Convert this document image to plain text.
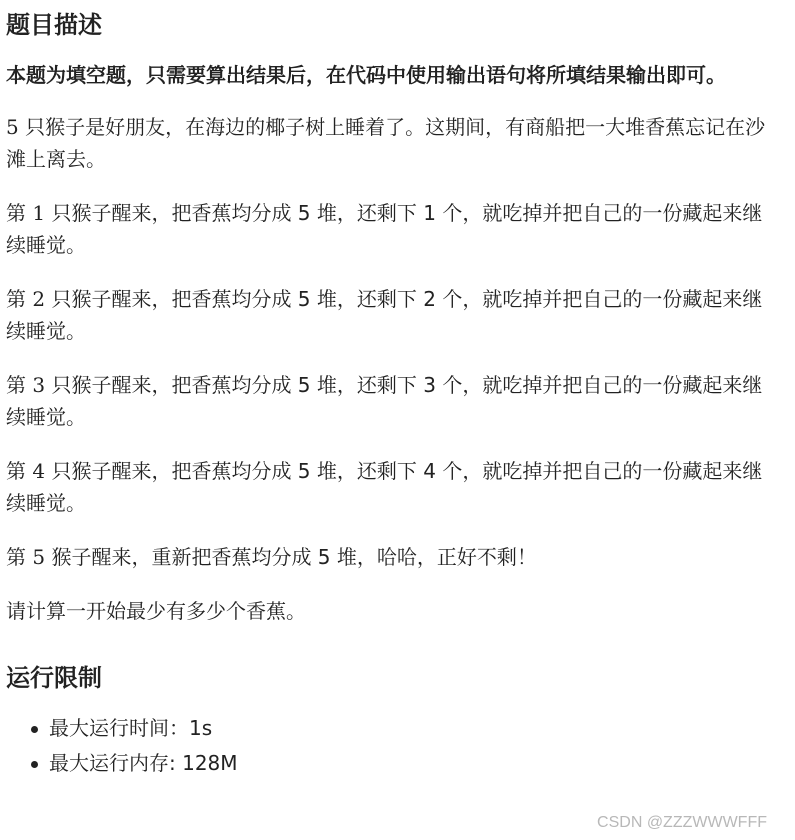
题目描述
本题为填空题，只需要算出结果后，在代码中使用输出语句将所填结果输出即可。

5 只猴子是好朋友，在海边的椰子树上睡着了。这期间，有商船把一大堆香蕉忘记在沙滩上离去。

第 1 只猴子醒来，把香蕉均分成 5 堆，还剩下 1 个，就吃掉并把自己的一份藏起来继续睡觉。

第 2 只猴子醒来，把香蕉均分成 5 堆，还剩下 2 个，就吃掉并把自己的一份藏起来继续睡觉。

第 3 只猴子醒来，把香蕉均分成 5 堆，还剩下 3 个，就吃掉并把自己的一份藏起来继续睡觉。

第 4 只猴子醒来，把香蕉均分成 5 堆，还剩下 4 个，就吃掉并把自己的一份藏起来继续睡觉。

第 5 猴子醒来，重新把香蕉均分成 5 堆，哈哈，正好不剩！

请计算一开始最少有多少个香蕉。

运行限制
最大运行时间：1s
最大运行内存: 128M
CSDN @ZZZWWWFFF
